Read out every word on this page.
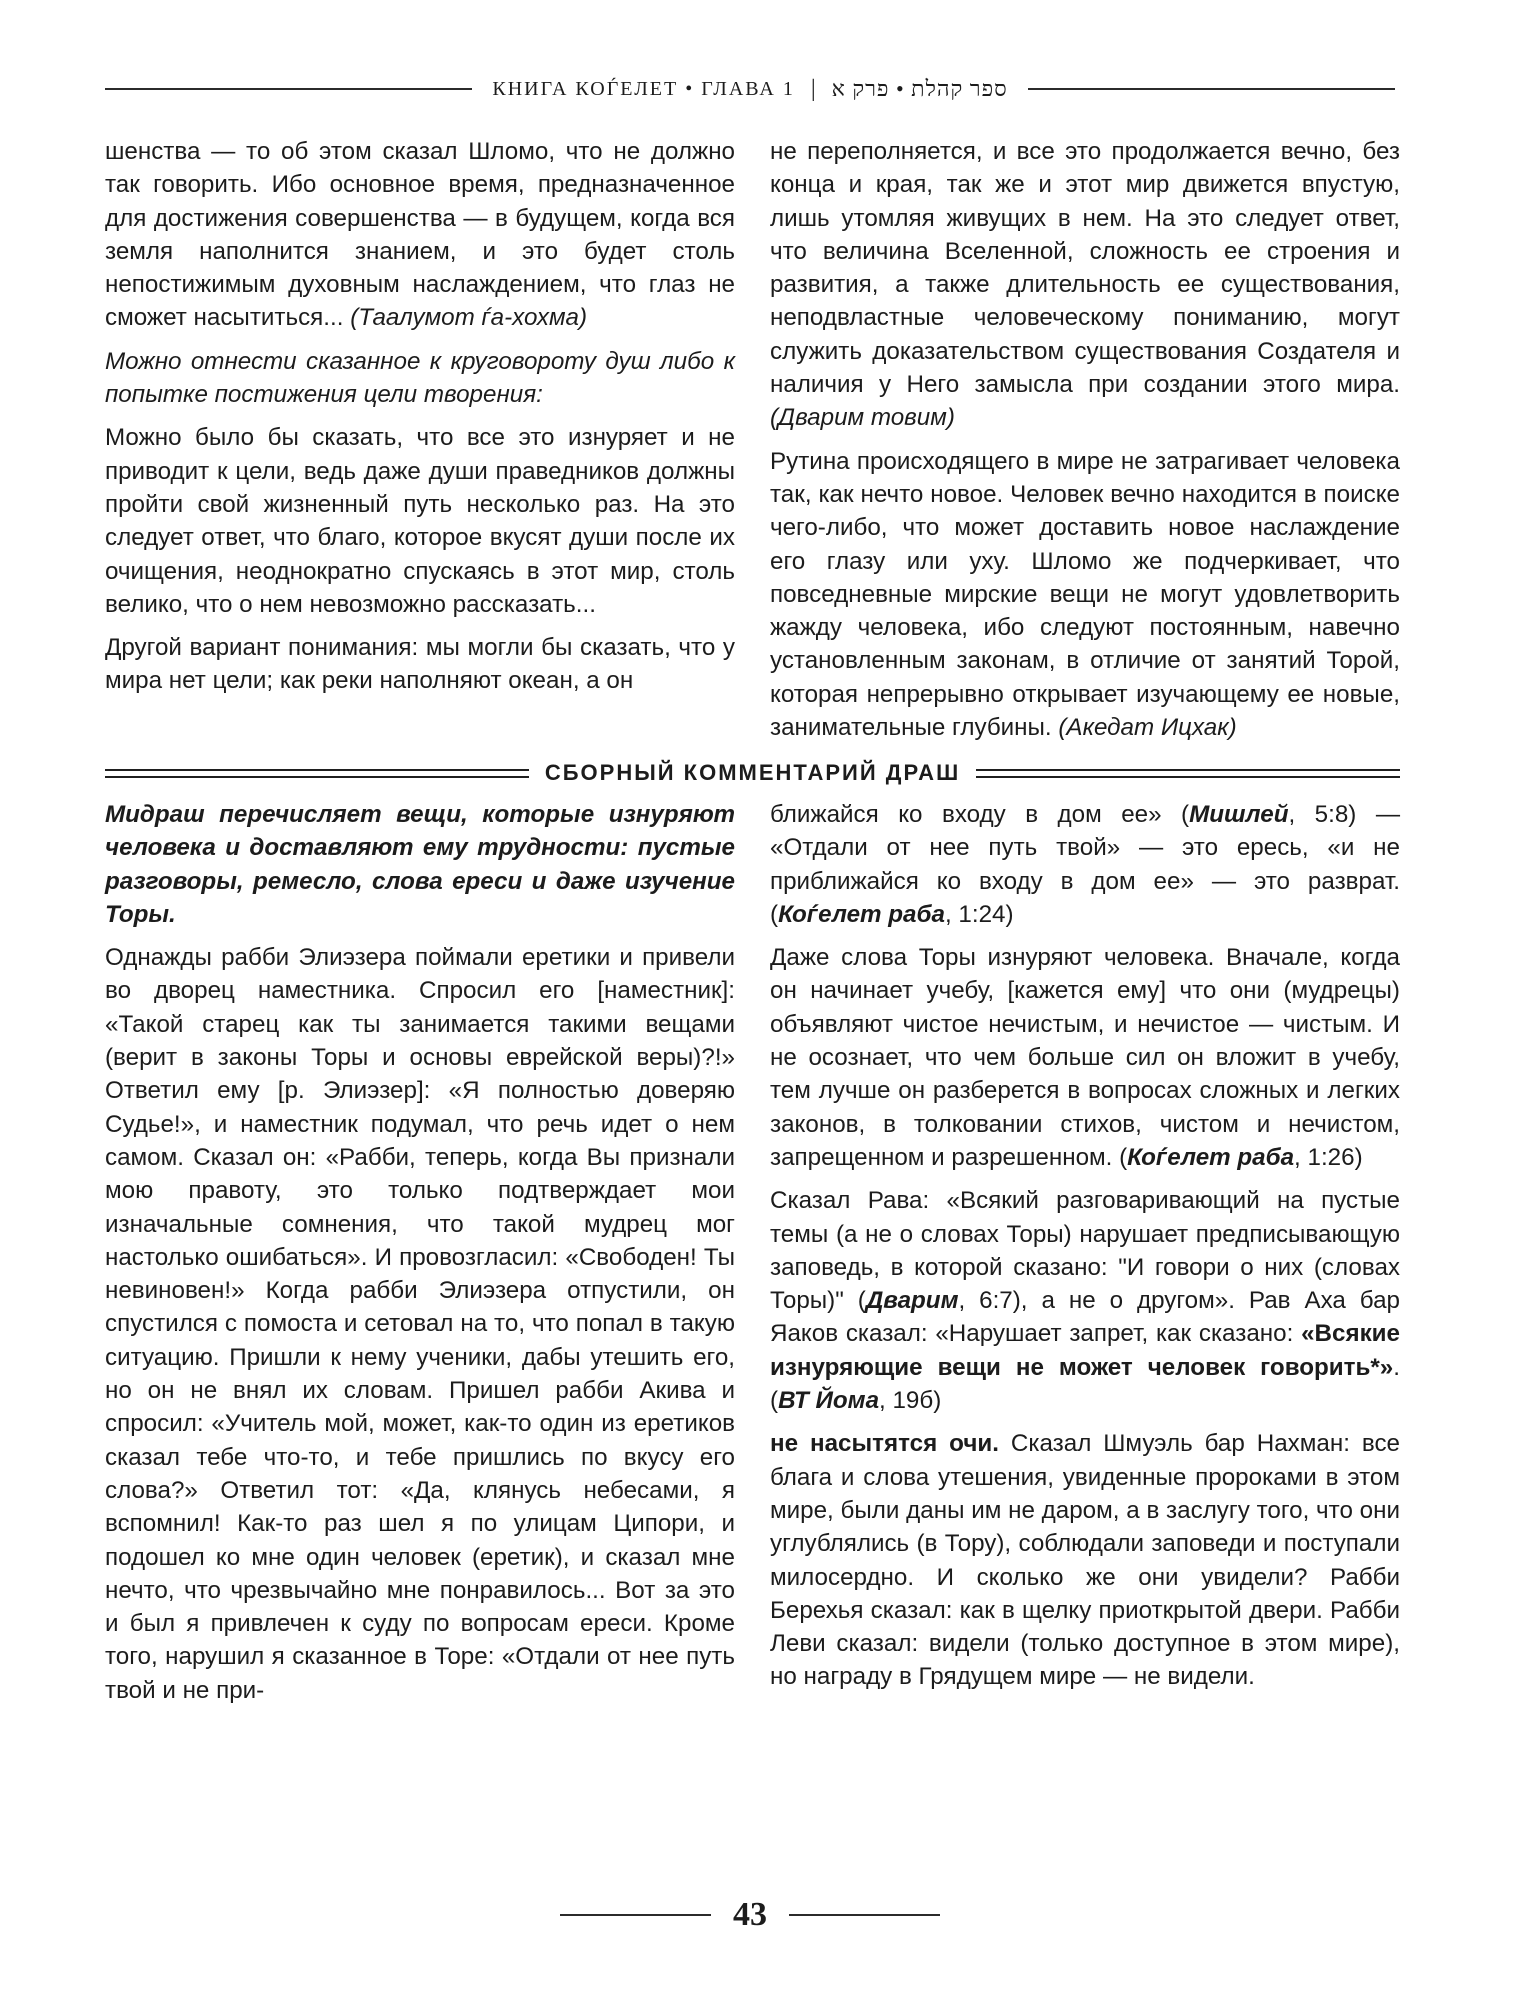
КНИГА КОЃЕЛЕТ • ГЛАВА 1 | ספר קהלת • פרק א

шенства — то об этом сказал Шломо, что не должно так говорить. Ибо основное время, предназначенное для достижения совершенства — в будущем, когда вся земля наполнится знанием, и это будет столь непостижимым духовным наслаждением, что глаз не сможет насытиться... (Таалумот ѓа-хохма)

Можно отнести сказанное к круговороту душ либо к попытке постижения цели творения:

Можно было бы сказать, что все это изнуряет и не приводит к цели, ведь даже души праведников должны пройти свой жизненный путь несколько раз. На это следует ответ, что благо, которое вкусят души после их очищения, неоднократно спускаясь в этот мир, столь велико, что о нем невозможно рассказать...

Другой вариант понимания: мы могли бы сказать, что у мира нет цели; как реки наполняют океан, а он

не переполняется, и все это продолжается вечно, без конца и края, так же и этот мир движется впустую, лишь утомляя живущих в нем. На это следует ответ, что величина Вселенной, сложность ее строения и развития, а также длительность ее существования, неподвластные человеческому пониманию, могут служить доказательством существования Создателя и наличия у Него замысла при создании этого мира. (Дварим товим)

Рутина происходящего в мире не затрагивает человека так, как нечто новое. Человек вечно находится в поиске чего-либо, что может доставить новое наслаждение его глазу или уху. Шломо же подчеркивает, что повседневные мирские вещи не могут удовлетворить жажду человека, ибо следуют постоянным, навечно установленным законам, в отличие от занятий Торой, которая непрерывно открывает изучающему ее новые, занимательные глубины. (Акедат Ицхак)

СБОРНЫЙ КОММЕНТАРИЙ ДРАШ

Мидраш перечисляет вещи, которые изнуряют человека и доставляют ему трудности: пустые разговоры, ремесло, слова ереси и даже изучение Торы.

Однажды рабби Элиэзера поймали еретики и привели во дворец наместника. Спросил его [наместник]: «Такой старец как ты занимается такими вещами (верит в законы Торы и основы еврейской веры)?!» Ответил ему [р. Элиэзер]: «Я полностью доверяю Судье!», и наместник подумал, что речь идет о нем самом. Сказал он: «Рабби, теперь, когда Вы признали мою правоту, это только подтверждает мои изначальные сомнения, что такой мудрец мог настолько ошибаться». И провозгласил: «Свободен! Ты невиновен!» Когда рабби Элиэзера отпустили, он спустился с помоста и сетовал на то, что попал в такую ситуацию. Пришли к нему ученики, дабы утешить его, но он не внял их словам. Пришел рабби Акива и спросил: «Учитель мой, может, как-то один из еретиков сказал тебе что-то, и тебе пришлись по вкусу его слова?» Ответил тот: «Да, клянусь небесами, я вспомнил! Как-то раз шел я по улицам Ципори, и подошел ко мне один человек (еретик), и сказал мне нечто, что чрезвычайно мне понравилось... Вот за это и был я привлечен к суду по вопросам ереси. Кроме того, нарушил я сказанное в Торе: «Отдали от нее путь твой и не при-

ближайся ко входу в дом ее» (Мишлей, 5:8) — «Отдали от нее путь твой» — это ересь, «и не приближайся ко входу в дом ее» — это разврат. (Коѓелет раба, 1:24)

Даже слова Торы изнуряют человека. Вначале, когда он начинает учебу, [кажется ему] что они (мудрецы) объявляют чистое нечистым, и нечистое — чистым. И не осознает, что чем больше сил он вложит в учебу, тем лучше он разберется в вопросах сложных и легких законов, в толковании стихов, чистом и нечистом, запрещенном и разрешенном. (Коѓелет раба, 1:26)

Сказал Рава: «Всякий разговаривающий на пустые темы (а не о словах Торы) нарушает предписывающую заповедь, в которой сказано: "И говори о них (словах Торы)" (Дварим, 6:7), а не о другом». Рав Аха бар Яаков сказал: «Нарушает запрет, как сказано: «Всякие изнуряющие вещи не может человек говорить*». (ВТ Йома, 19б)

не насытятся очи. Сказал Шмуэль бар Нахман: все блага и слова утешения, увиденные пророками в этом мире, были даны им не даром, а в заслугу того, что они углублялись (в Тору), соблюдали заповеди и поступали милосердно. И сколько же они увидели? Рабби Берехья сказал: как в щелку приоткрытой двери. Рабби Леви сказал: видели (только доступное в этом мире), но награду в Грядущем мире — не видели.

43
